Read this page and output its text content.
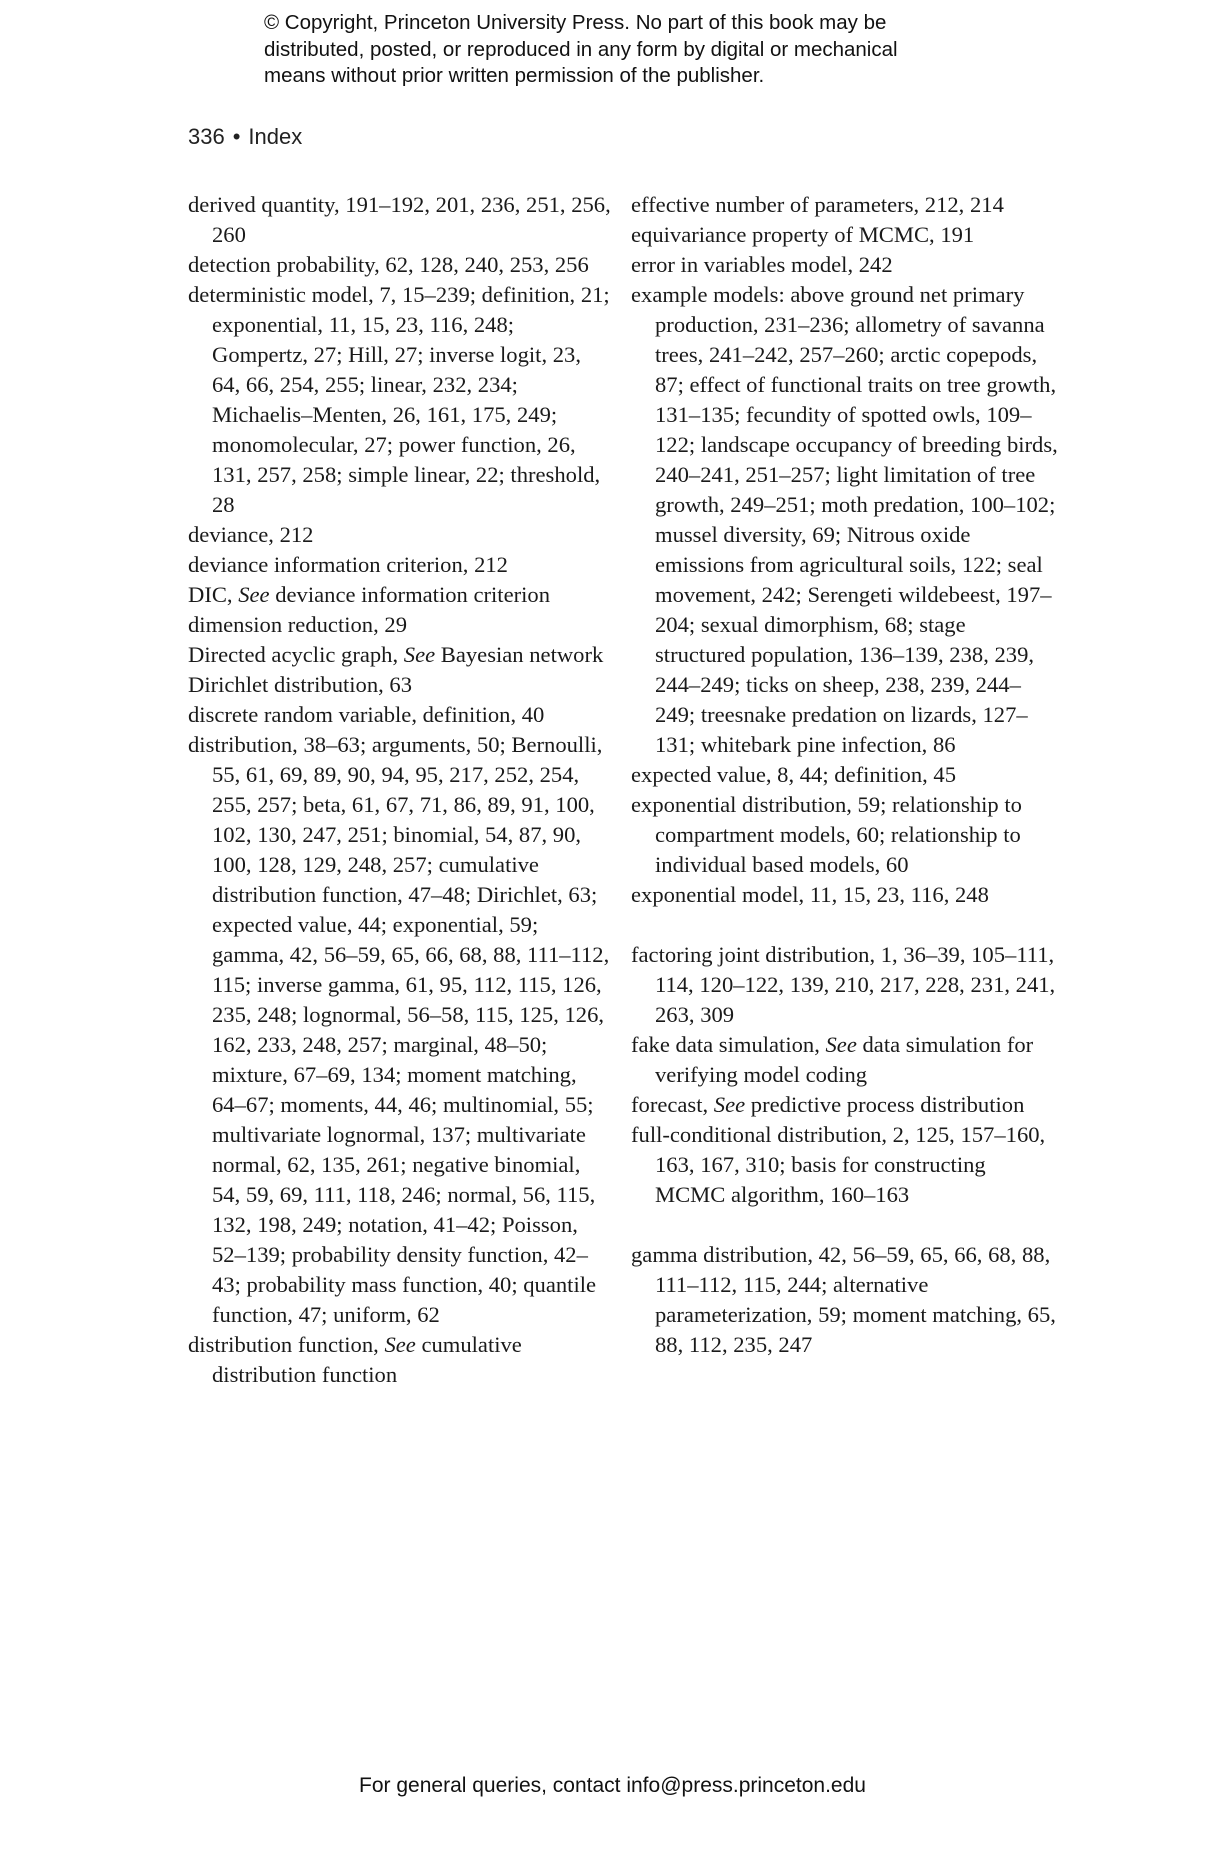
© Copyright, Princeton University Press. No part of this book may be
distributed, posted, or reproduced in any form by digital or mechanical
means without prior written permission of the publisher.
336 • Index

derived quantity, 191–192, 201, 236, 251, 256, 260

detection probability, 62, 128, 240, 253, 256

deterministic model, 7, 15–239; definition, 21; exponential, 11, 15, 23, 116, 248; Gompertz, 27; Hill, 27; inverse logit, 23, 64, 66, 254, 255; linear, 232, 234; Michaelis–Menten, 26, 161, 175, 249; monomolecular, 27; power function, 26, 131, 257, 258; simple linear, 22; threshold, 28

deviance, 212

deviance information criterion, 212

DIC, See deviance information criterion

dimension reduction, 29

Directed acyclic graph, See Bayesian network

Dirichlet distribution, 63

discrete random variable, definition, 40

distribution, 38–63; arguments, 50; Bernoulli, 55, 61, 69, 89, 90, 94, 95, 217, 252, 254, 255, 257; beta, 61, 67, 71, 86, 89, 91, 100, 102, 130, 247, 251; binomial, 54, 87, 90, 100, 128, 129, 248, 257; cumulative distribution function, 47–48; Dirichlet, 63; expected value, 44; exponential, 59; gamma, 42, 56–59, 65, 66, 68, 88, 111–112, 115; inverse gamma, 61, 95, 112, 115, 126, 235, 248; lognormal, 56–58, 115, 125, 126, 162, 233, 248, 257; marginal, 48–50; mixture, 67–69, 134; moment matching, 64–67; moments, 44, 46; multinomial, 55; multivariate lognormal, 137; multivariate normal, 62, 135, 261; negative binomial, 54, 59, 69, 111, 118, 246; normal, 56, 115, 132, 198, 249; notation, 41–42; Poisson, 52–139; probability density function, 42–43; probability mass function, 40; quantile function, 47; uniform, 62

distribution function, See cumulative distribution function

effective number of parameters, 212, 214

equivariance property of MCMC, 191

error in variables model, 242

example models: above ground net primary production, 231–236; allometry of savanna trees, 241–242, 257–260; arctic copepods, 87; effect of functional traits on tree growth, 131–135; fecundity of spotted owls, 109–122; landscape occupancy of breeding birds, 240–241, 251–257; light limitation of tree growth, 249–251; moth predation, 100–102; mussel diversity, 69; Nitrous oxide emissions from agricultural soils, 122; seal movement, 242; Serengeti wildebeest, 197–204; sexual dimorphism, 68; stage structured population, 136–139, 238, 239, 244–249; ticks on sheep, 238, 239, 244–249; treesnake predation on lizards, 127–131; whitebark pine infection, 86

expected value, 8, 44; definition, 45

exponential distribution, 59; relationship to compartment models, 60; relationship to individual based models, 60

exponential model, 11, 15, 23, 116, 248

factoring joint distribution, 1, 36–39, 105–111, 114, 120–122, 139, 210, 217, 228, 231, 241, 263, 309

fake data simulation, See data simulation for verifying model coding

forecast, See predictive process distribution

full-conditional distribution, 2, 125, 157–160, 163, 167, 310; basis for constructing MCMC algorithm, 160–163

gamma distribution, 42, 56–59, 65, 66, 68, 88, 111–112, 115, 244; alternative parameterization, 59; moment matching, 65, 88, 112, 235, 247

For general queries, contact info@press.princeton.edu
